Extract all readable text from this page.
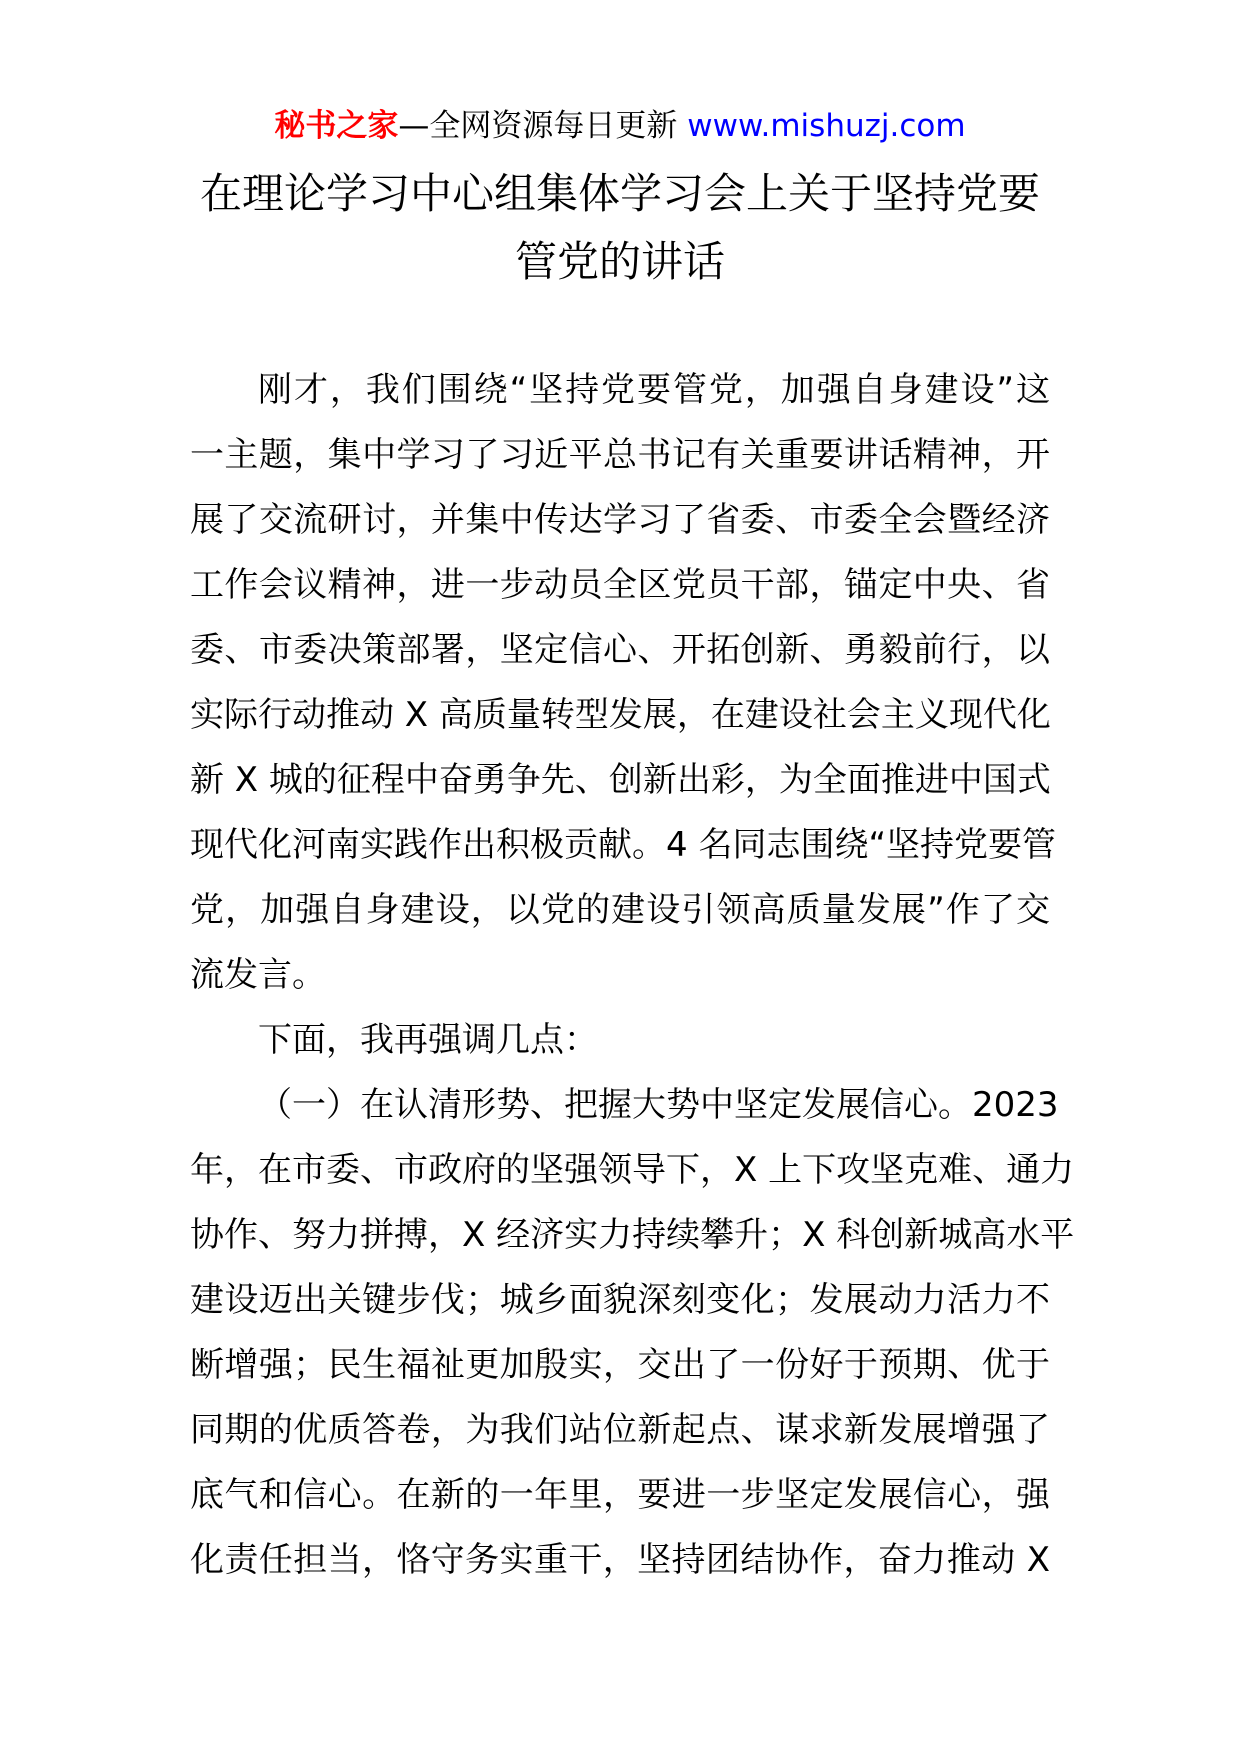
秘书之家—全网资源每日更新 www.mishuzj.com
在理论学习中心组集体学习会上关于坚持党要
管党的讲话
刚才，我们围绕“坚持党要管党，加强自身建设”这
一主题，集中学习了习近平总书记有关重要讲话精神，开
展了交流研讨，并集中传达学习了省委、市委全会暨经济
工作会议精神，进一步动员全区党员干部，锚定中央、省
委、市委决策部署，坚定信心、开拓创新、勇毅前行，以
实际行动推动 X 高质量转型发展，在建设社会主义现代化
新 X 城的征程中奋勇争先、创新出彩，为全面推进中国式
现代化河南实践作出积极贡献。4 名同志围绕“坚持党要管
党，加强自身建设，以党的建设引领高质量发展”作了交
流发言。
下面，我再强调几点：
（一）在认清形势、把握大势中坚定发展信心。2023
年，在市委、市政府的坚强领导下，X 上下攻坚克难、通力
协作、努力拼搏，X 经济实力持续攀升；X 科创新城高水平
建设迈出关键步伐；城乡面貌深刻变化；发展动力活力不
断增强；民生福祉更加殷实，交出了一份好于预期、优于
同期的优质答卷，为我们站位新起点、谋求新发展增强了
底气和信心。在新的一年里，要进一步坚定发展信心，强
化责任担当，恪守务实重干，坚持团结协作，奋力推动 X
